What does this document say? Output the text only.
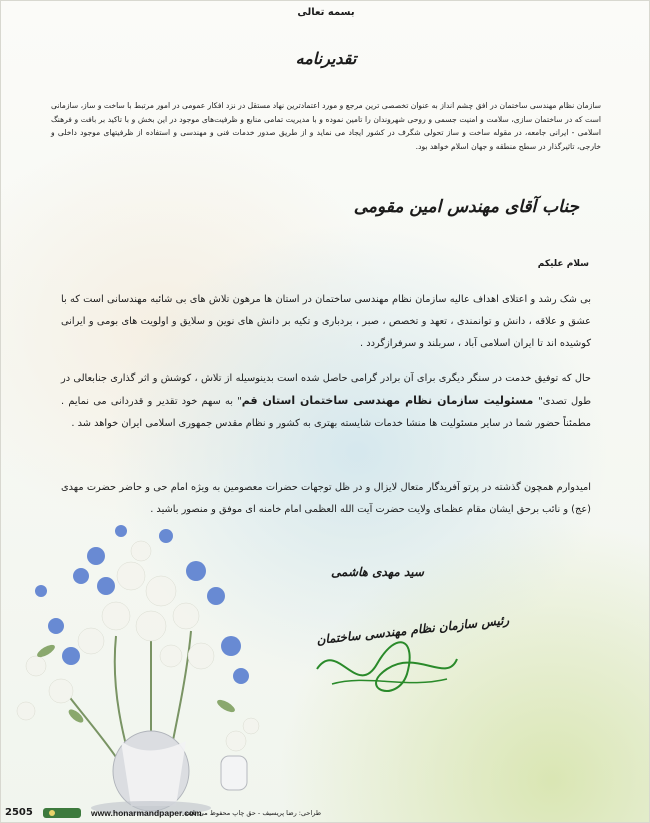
بسمه تعالی
تقدیرنامه
سازمان نظام مهندسی ساختمان در افق چشم انداز به عنوان تخصصی ترین مرجع و مورد اعتمادترین نهاد مستقل در نزد افکار عمومی در امور مرتبط با ساخت و ساز، سازمانی است که در ساختمان سازی، سلامت و امنیت جسمی و روحی شهروندان را تامین نموده و با مدیریت تمامی منابع و ظرفیت‌های موجود در این بخش و با تاکید بر بافت و فرهنگ اسلامی - ایرانی جامعه، در مقوله ساخت و ساز تحولی شگرف در کشور ایجاد می نماید و از طریق صدور خدمات فنی و مهندسی و استفاده از ظرفیتهای موجود داخلی و خارجی، تاثیرگذار در سطح منطقه و جهان اسلام خواهد بود.
جناب آقای مهندس امین مقومی
سلام علیکم
بی شک رشد و اعتلای اهداف عالیه سازمان نظام مهندسی ساختمان در استان ها مرهون تلاش های بی شائبه مهندسانی است که با عشق و علاقه ، دانش و توانمندی ، تعهد و تخصص ، صبر ، بردباری و تکیه بر دانش های نوین و سلایق و اولویت های بومی و ایرانی کوشیده اند تا ایران اسلامی آباد ، سربلند و سرفرازگردد .
حال که توفیق خدمت در سنگر دیگری برای آن برادر گرامی حاصل شده است بدینوسیله از تلاش ، کوشش و اثر گذاری جنابعالی در طول تصدی" مسئولیت سازمان نظام مهندسی ساختمان استان قم" به سهم خود تقدیر و قدردانی می نمایم . مطمئناً حضور شما در سایر مسئولیت ها منشا خدمات شایسته بهتری به کشور و نظام مقدس جمهوری اسلامی ایران خواهد شد .
امیدوارم همچون گذشته در پرتو آفریدگار متعال لایزال و در ظل توجهات حضرات معصومین به ویژه امام حی و حاضر حضرت مهدی (عج) و نائب برحق ایشان مقام عظمای ولایت حضرت آیت الله العظمی امام خامنه ای موفق و منصور باشید .
سید مهدی هاشمی
رئیس سازمان نظام مهندسی ساختمان
2505	www.honarmandpaper.com
طراحی: رضا پریسیف - حق چاپ محفوظ می باشد
